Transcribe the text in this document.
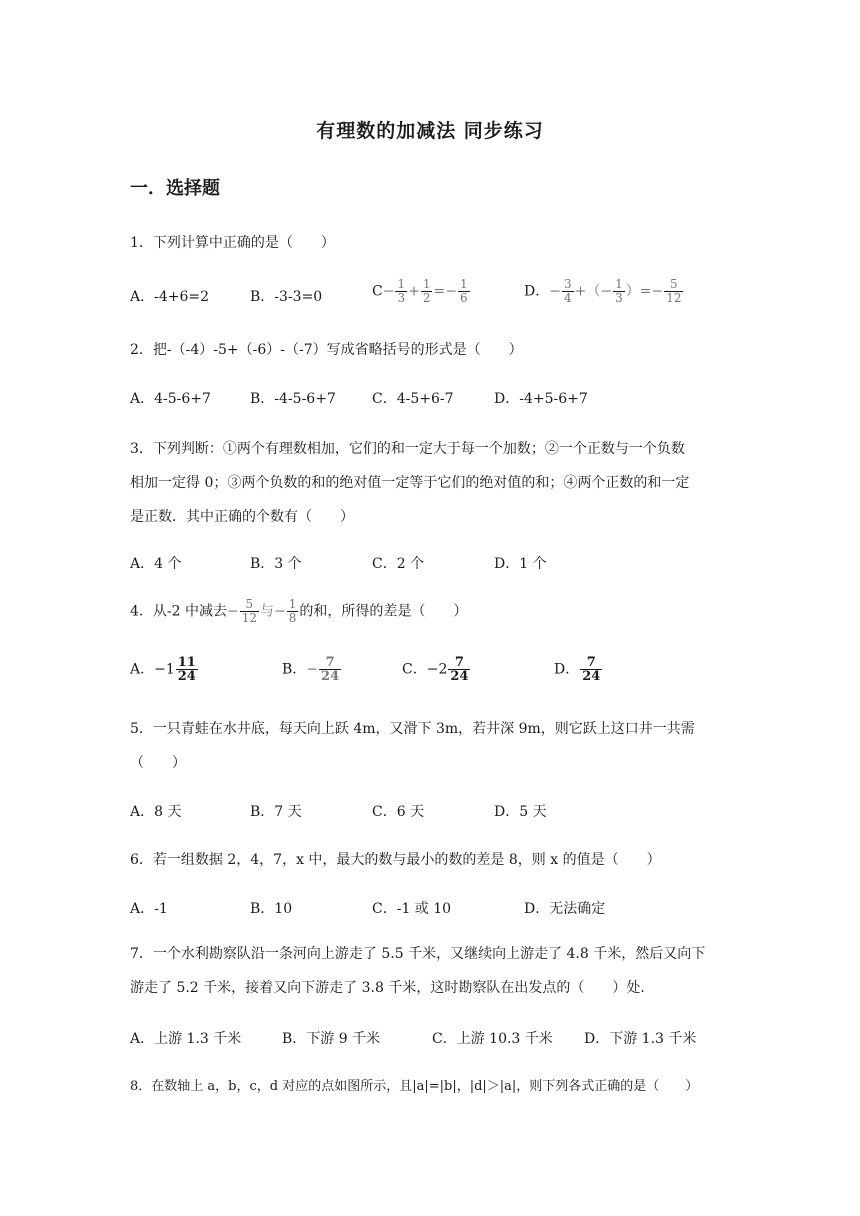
有理数的加减法 同步练习
一．选择题
1．下列计算中正确的是（　　）
A．-4+6=2	B．-3-3=0	$C- \frac{1}{3} + \frac{1}{2} =- \frac{1}{6}$	D．− $\frac{3}{4}$ +（− $\frac{1}{3}$ ）=− $\frac{5}{12}$
2．把-（-4）-5+（-6）-（-7）写成省略括号的形式是（　　）
A．4-5-6+7	B．-4-5-6+7	C．4-5+6-7	D．-4+5-6+7
3．下列判断：①两个有理数相加，它们的和一定大于每一个加数；②一个正数与一个负数
相加一定得 0；③两个负数的和的绝对值一定等于它们的绝对值的和；④两个正数的和一定
是正数．其中正确的个数有（　　）
A．4 个	B．3 个	C．2 个	D．1 个
4．从-2 中减去− $\frac{5}{12}$ 与− $\frac{1}{8}$ 的和，所得的差是（　　）
A．$-1 \frac{11}{24}$	B．− $\frac{7}{24}$	C．$-2 \frac{7}{24}$	D． $\frac{7}{24}$
5．一只青蛙在水井底，每天向上跃 4m，又滑下 3m，若井深 9m，则它跃上这口井一共需
（　　）
A．8 天	B．7 天	C．6 天	D．5 天
6．若一组数据 2，4，7，x 中，最大的数与最小的数的差是 8，则 x 的值是（　　）
A．-1	B．10	C．-1 或 10	D．无法确定
7．一个水利勘察队沿一条河向上游走了 5.5 千米，又继续向上游走了 4.8 千米，然后又向下
游走了 5.2 千米，接着又向下游走了 3.8 千米，这时勘察队在出发点的（　　）处．
A．上游 1.3 千米	B．下游 9 千米	C．上游 10.3 千米 D．下游 1.3 千米
8．在数轴上 a，b，c，d 对应的点如图所示，且|a|=|b|，|d|＞|a|，则下列各式正确的是（　　）
